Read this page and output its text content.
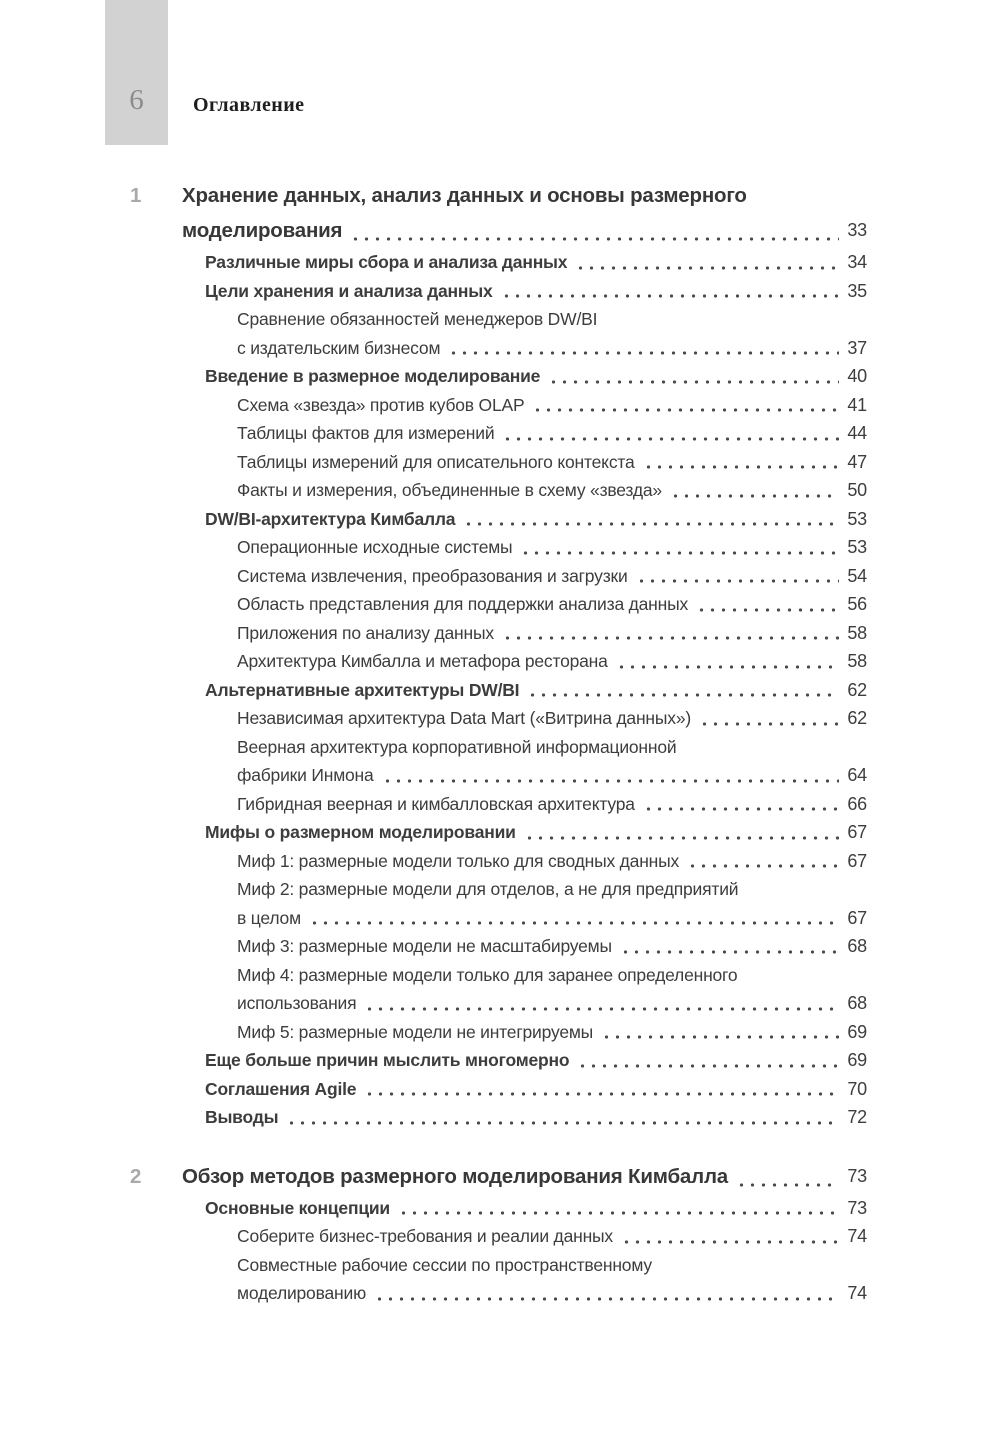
6	Оглавление
1	Хранение данных, анализ данных и основы размерного
моделирования	33
Различные миры сбора и анализа данных	34
Цели хранения и анализа данных	35
Сравнение обязанностей менеджеров DW/BI
с издательским бизнесом	37
Введение в размерное моделирование	40
Схема «звезда» против кубов OLAP	41
Таблицы фактов для измерений	44
Таблицы измерений для описательного контекста	47
Факты и измерения, объединенные в схему «звезда»	50
DW/BI-архитектура Кимбалла	53
Операционные исходные системы	53
Система извлечения, преобразования и загрузки	54
Область представления для поддержки анализа данных	56
Приложения по анализу данных	58
Архитектура Кимбалла и метафора ресторана	58
Альтернативные архитектуры DW/BI	62
Независимая архитектура Data Mart («Витрина данных»)	62
Веерная архитектура корпоративной информационной
фабрики Инмона	64
Гибридная веерная и кимбалловская архитектура	66
Мифы о размерном моделировании	67
Миф 1: размерные модели только для сводных данных	67
Миф 2: размерные модели для отделов, а не для предприятий
в целом	67
Миф 3: размерные модели не масштабируемы	68
Миф 4: размерные модели только для заранее определенного
использования	68
Миф 5: размерные модели не интегрируемы	69
Еще больше причин мыслить многомерно	69
Соглашения Agile	70
Выводы	72
2	Обзор методов размерного моделирования Кимбалла	73
Основные концепции	73
Соберите бизнес-требования и реалии данных	74
Совместные рабочие сессии по пространственному
моделированию	74
